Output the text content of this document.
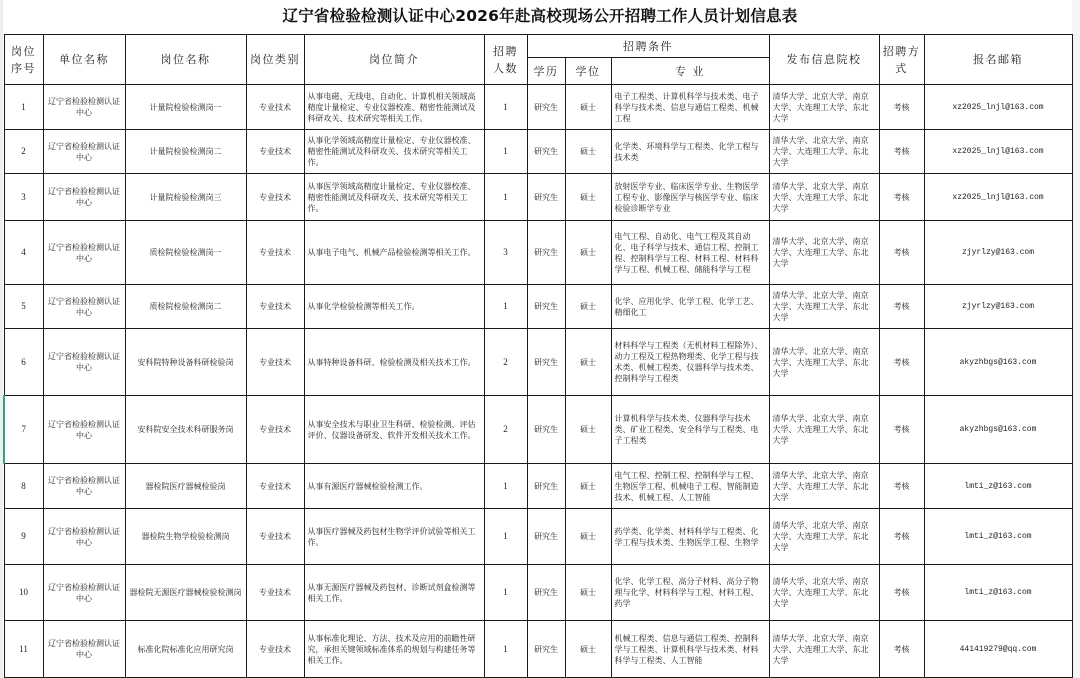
辽宁省检验检测认证中心2026年赴高校现场公开招聘工作人员计划信息表
岗位序号	单位名称	岗位名称	岗位类别	岗位简介	招聘人数	招聘条件			发布信息院校	招聘方式	报名邮箱
						学历	学位	专 业			
1	辽宁省检验检测认证中心	计量院检验检测岗一	专业技术	从事电磁、无线电、自动化、计算机相关领域高精度计量检定、专业仪器校准、精密性能测试及科研攻关、技术研究等相关工作。	1	研究生	硕士	电子工程类、计算机科学与技术类、电子科学与技术类、信息与通信工程类、机械工程	清华大学、北京大学、南京大学、大连理工大学、东北大学	考核	xz2025_lnjl@163.com
2	辽宁省检验检测认证中心	计量院检验检测岗二	专业技术	从事化学领域高精度计量检定、专业仪器校准、精密性能测试及科研攻关、技术研究等相关工作。	1	研究生	硕士	化学类、环境科学与工程类、化学工程与技术类	清华大学、北京大学、南京大学、大连理工大学、东北大学	考核	xz2025_lnjl@163.com
3	辽宁省检验检测认证中心	计量院检验检测岗三	专业技术	从事医学领域高精度计量检定、专业仪器校准、精密性能测试及科研攻关、技术研究等相关工作。	1	研究生	硕士	放射医学专业、临床医学专业、生物医学工程专业、影像医学与核医学专业、临床检验诊断学专业	清华大学、北京大学、南京大学、大连理工大学、东北大学	考核	xz2025_lnjl@163.com
4	辽宁省检验检测认证中心	质检院检验检测岗一	专业技术	从事电子电气、机械产品检验检测等相关工作。	3	研究生	硕士	电气工程、自动化、电气工程及其自动化、电子科学与技术、通信工程、控制工程、控制科学与工程、材料工程、材料科学与工程、机械工程、储能科学与工程	清华大学、北京大学、南京大学、大连理工大学、东北大学	考核	zjyrlzy@163.com
5	辽宁省检验检测认证中心	质检院检验检测岗二	专业技术	从事化学检验检测等相关工作。	1	研究生	硕士	化学、应用化学、化学工程、化学工艺、精细化工	清华大学、北京大学、南京大学、大连理工大学、东北大学	考核	zjyrlzy@163.com
6	辽宁省检验检测认证中心	安科院特种设备科研检验岗	专业技术	从事特种设备科研、检验检测及相关技术工作。	2	研究生	硕士	材料科学与工程类（无机材料工程除外）、动力工程及工程热物理类、化学工程与技术类、机械工程类、仪器科学与技术类、控制科学与工程类	清华大学、北京大学、南京大学、大连理工大学、东北大学	考核	akyzhbgs@163.com
7	辽宁省检验检测认证中心	安科院安全技术科研服务岗	专业技术	从事安全技术与职业卫生科研、检验检测、评估评价、仪器设备研发、软件开发相关技术工作。	2	研究生	硕士	计算机科学与技术类、仪器科学与技术类、矿业工程类、安全科学与工程类、电子工程类	清华大学、北京大学、南京大学、大连理工大学、东北大学	考核	akyzhbgs@163.com
8	辽宁省检验检测认证中心	器检院医疗器械检验岗	专业技术	从事有源医疗器械检验检测工作。	1	研究生	硕士	电气工程、控制工程、控制科学与工程、生物医学工程、机械电子工程、智能制造技术、机械工程、人工智能	清华大学、北京大学、南京大学、大连理工大学、东北大学	考核	lmti_z@163.com
9	辽宁省检验检测认证中心	器检院生物学检验检测岗	专业技术	从事医疗器械及药包材生物学评价试验等相关工作。	1	研究生	硕士	药学类、化学类、材料科学与工程类、化学工程与技术类、生物医学工程、生物学	清华大学、北京大学、南京大学、大连理工大学、东北大学	考核	lmti_z@163.com
10	辽宁省检验检测认证中心	器检院无源医疗器械检验检测岗	专业技术	从事无源医疗器械及药包材、诊断试剂盒检测等相关工作。	1	研究生	硕士	化学、化学工程、高分子材料、高分子物理与化学、材料科学与工程、材料工程、药学	清华大学、北京大学、南京大学、大连理工大学、东北大学	考核	lmti_z@163.com
11	辽宁省检验检测认证中心	标准化院标准化应用研究岗	专业技术	从事标准化理论、方法、技术及应用的前瞻性研究，承担关键领域标准体系的规划与构建任务等相关工作。	1	研究生	硕士	机械工程类、信息与通信工程类、控制科学与工程类、计算机科学与技术类、材料科学与工程类、人工智能	清华大学、北京大学、南京大学、大连理工大学、东北大学	考核	441419279@qq.com
